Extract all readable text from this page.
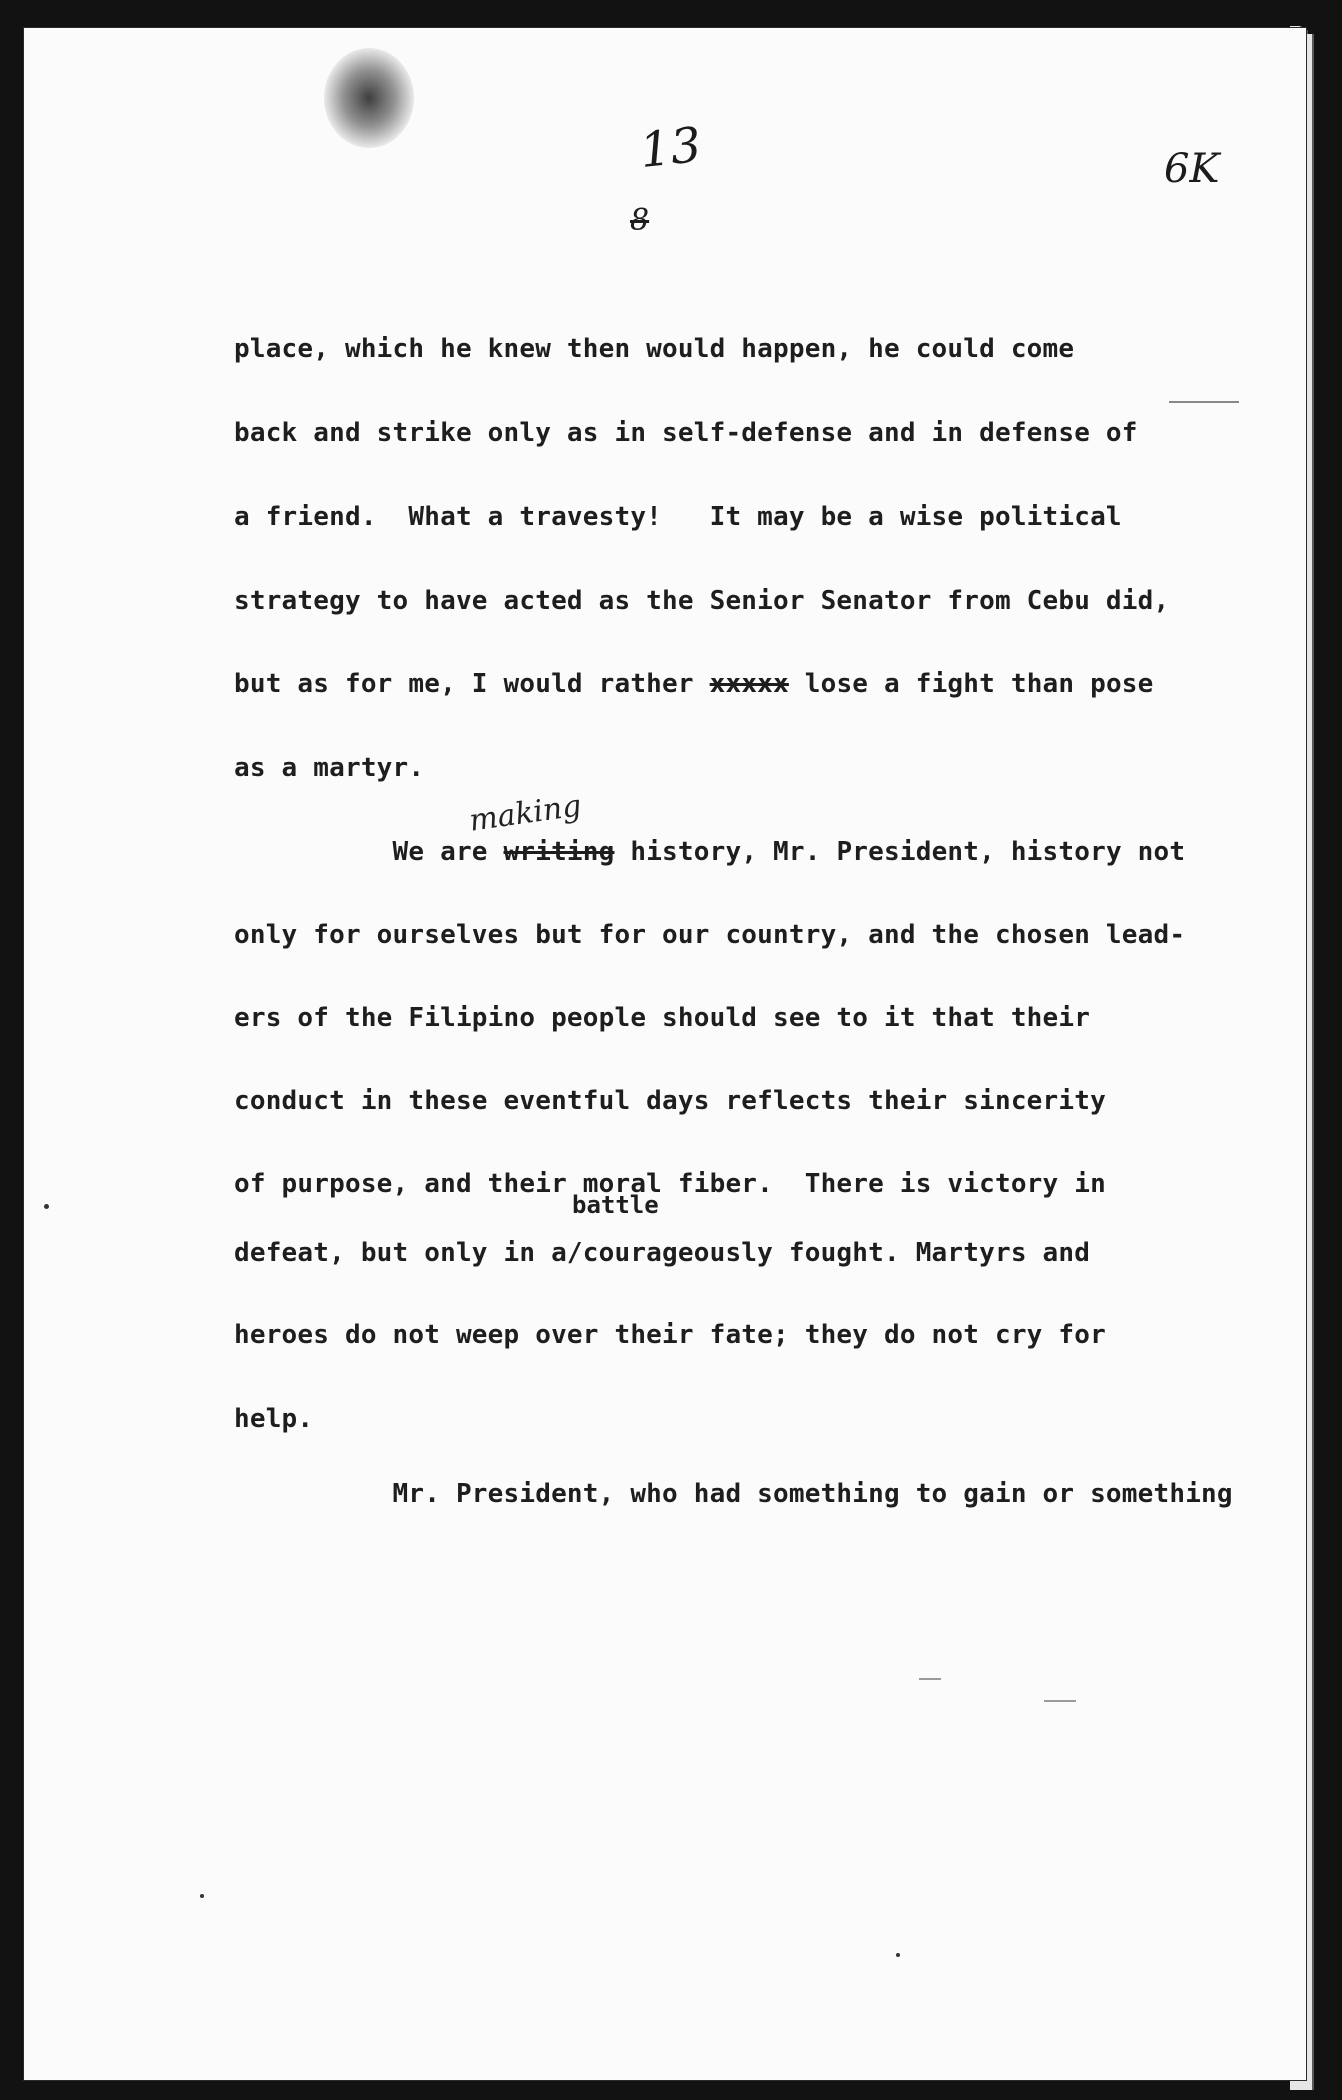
13
8
6K
making
battle
place, which he knew then would happen, he could come
back and strike only as in self-defense and in defense of
a friend.  What a travesty!   It may be a wise political
strategy to have acted as the Senior Senator from Cebu did,
but as for me, I would rather xxxxx lose a fight than pose
as a martyr.
We are writing history, Mr. President, history not
only for ourselves but for our country, and the chosen lead-
ers of the Filipino people should see to it that their
conduct in these eventful days reflects their sincerity
of purpose, and their moral fiber.  There is victory in
defeat, but only in a/courageously fought. Martyrs and
heroes do not weep over their fate; they do not cry for
help.
Mr. President, who had something to gain or something
